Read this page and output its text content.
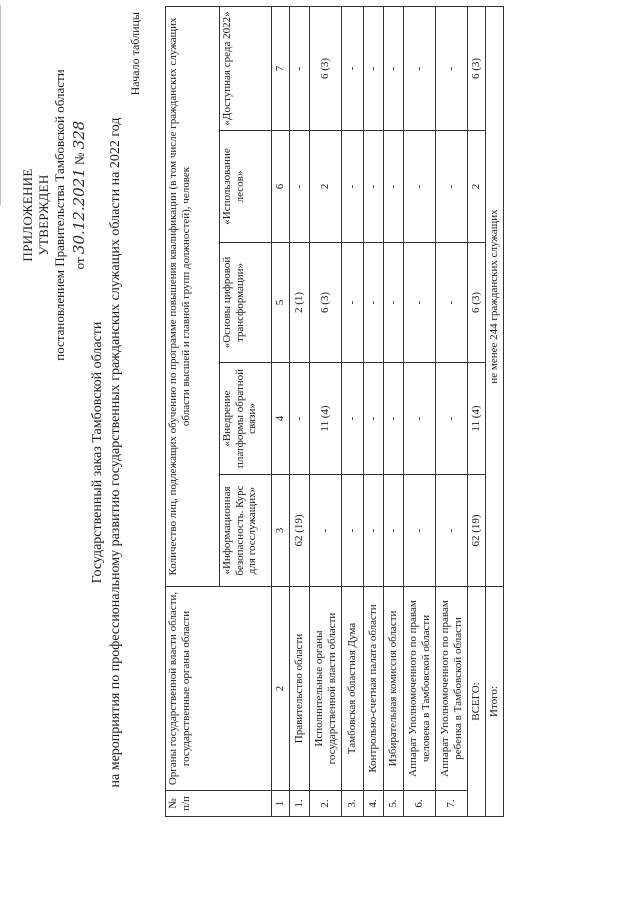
ПРИЛОЖЕНИЕ УТВЕРЖДЕН постановлением Правительства Тамбовской области от 30.12.2021 № 328
Государственный заказ Тамбовской области на мероприятия по профессиональному развитию государственных гражданских служащих области на 2022 год
Начало таблицы
№ п/п	Органы государственной власти области, государственные органы области	Количество лиц, подлежащих обучению по программе повышения квалификации (в том числе гражданских служащих области высшей и главной групп должностей), человек				
		«Информационная безопасность. Курс для госслужащих»	«Внедрение платформы обратной связи»	«Основы цифровой трансформации»	«Использование лесов»	«Доступная среда 2022»
1	2	3	4	5	6	7
1.	Правительство области	62 (19)	-	2 (1)	-	-
2.	Исполнительные органы государственной власти области	-	11 (4)	6 (3)	2	6 (3)
3.	Тамбовская областная Дума	-	-	-	-	-
4.	Контрольно-счетная палата области	-	-	-	-	-
5.	Избирательная комиссия области	-	-	-	-	-
6.	Аппарат Уполномоченного по правам человека в Тамбовской области	-	-	-	-	-
7.	Аппарат Уполномоченного по правам ребенка в Тамбовской области	-	-	-	-	-
ВСЕГО:		62 (19)	11 (4)	6 (3)	2	6 (3)
Итого:		не менее 244 гражданских служащих				
